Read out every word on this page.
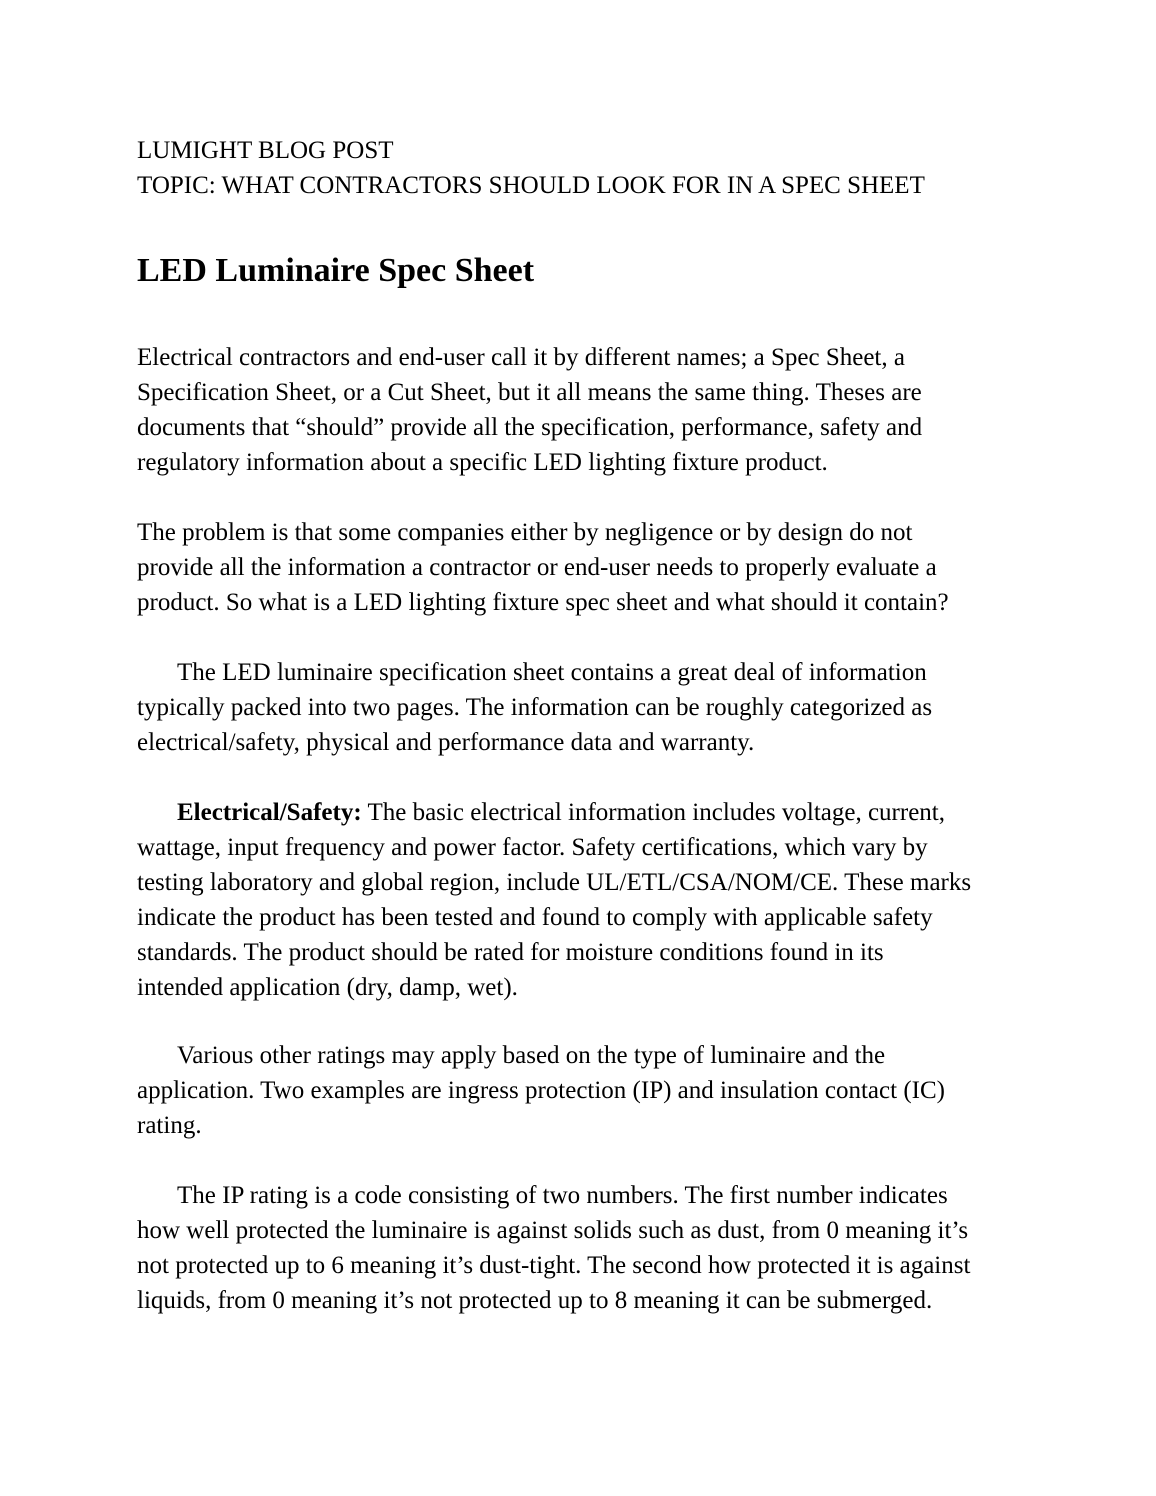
LUMIGHT BLOG POST
TOPIC: WHAT CONTRACTORS SHOULD LOOK FOR IN A SPEC SHEET
LED Luminaire Spec Sheet

Electrical contractors and end-user call it by different names; a Spec Sheet, a
Specification Sheet, or a Cut Sheet, but it all means the same thing. Theses are
documents that “should” provide all the specification, performance, safety and
regulatory information about a specific LED lighting fixture product.

The problem is that some companies either by negligence or by design do not
provide all the information a contractor or end-user needs to properly evaluate a
product. So what is a LED lighting fixture spec sheet and what should it contain?

The LED luminaire specification sheet contains a great deal of information
typically packed into two pages. The information can be roughly categorized as
electrical/safety, physical and performance data and warranty.

Electrical/Safety: The basic electrical information includes voltage, current,
wattage, input frequency and power factor. Safety certifications, which vary by
testing laboratory and global region, include UL/ETL/CSA/NOM/CE. These marks
indicate the product has been tested and found to comply with applicable safety
standards. The product should be rated for moisture conditions found in its
intended application (dry, damp, wet).

Various other ratings may apply based on the type of luminaire and the
application. Two examples are ingress protection (IP) and insulation contact (IC)
rating.

The IP rating is a code consisting of two numbers. The first number indicates
how well protected the luminaire is against solids such as dust, from 0 meaning it’s
not protected up to 6 meaning it’s dust-tight. The second how protected it is against
liquids, from 0 meaning it’s not protected up to 8 meaning it can be submerged.
